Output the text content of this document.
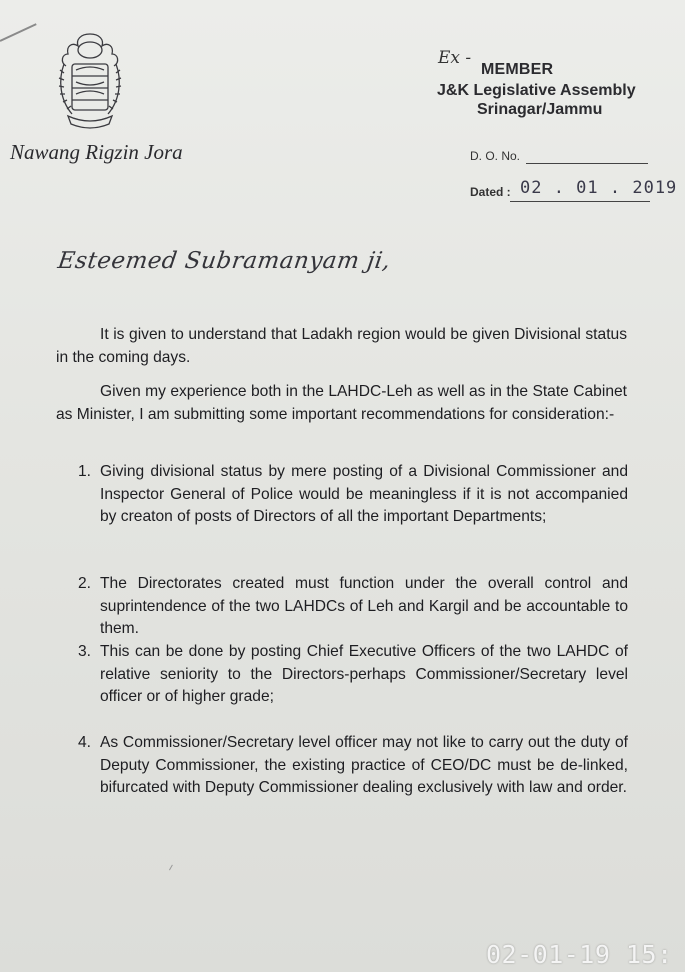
Nawang Rigzin Jora
Ex -
MEMBER
J&K Legislative Assembly
Srinagar/Jammu
D. O. No.
Dated : 02 . 01 . 2019
Esteemed Subramanyam ji,
It is given to understand that Ladakh region would be given Divisional status in the coming days.
Given my experience both in the LAHDC-Leh as well as in the State Cabinet as Minister, I am submitting some important recommendations for consideration:-
1. Giving divisional status by mere posting of a Divisional Commissioner and Inspector General of Police would be meaningless if it is not accompanied by creaton of posts of Directors of all the important Departments;
2. The Directorates created must function under the overall control and suprintendence of the two LAHDCs of Leh and Kargil and be accountable to them.
3. This can be done by posting Chief Executive Officers of the two LAHDC of relative seniority to the Directors-perhaps Commissioner/Secretary level officer or of higher grade;
4. As Commissioner/Secretary level officer may not like to carry out the duty of Deputy Commissioner, the existing practice of CEO/DC must be de-linked, bifurcated with Deputy Commissioner dealing exclusively with law and order.
02-01-19 15:
